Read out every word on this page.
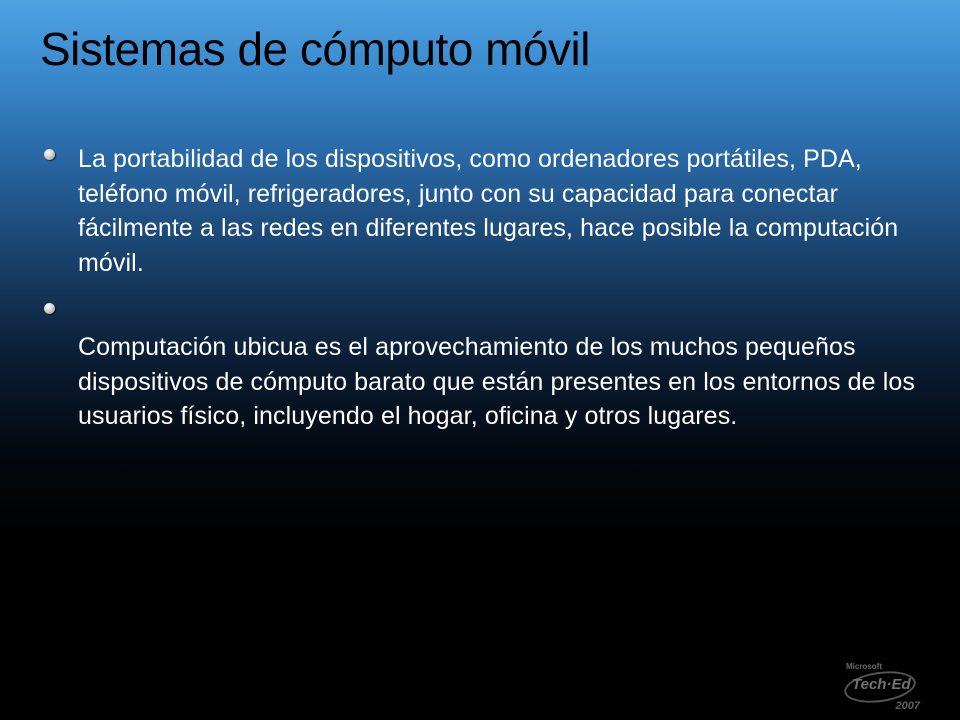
Sistemas de cómputo móvil
La portabilidad de los dispositivos, como ordenadores portátiles, PDA, teléfono móvil, refrigeradores, junto con su capacidad para conectar fácilmente a las redes en diferentes lugares, hace posible la computación móvil.
Computación ubicua es el aprovechamiento de los muchos pequeños dispositivos de cómputo barato que están presentes en los entornos de los usuarios físico, incluyendo el hogar, oficina y otros lugares.
Microsoft
Tech·Ed
2007
